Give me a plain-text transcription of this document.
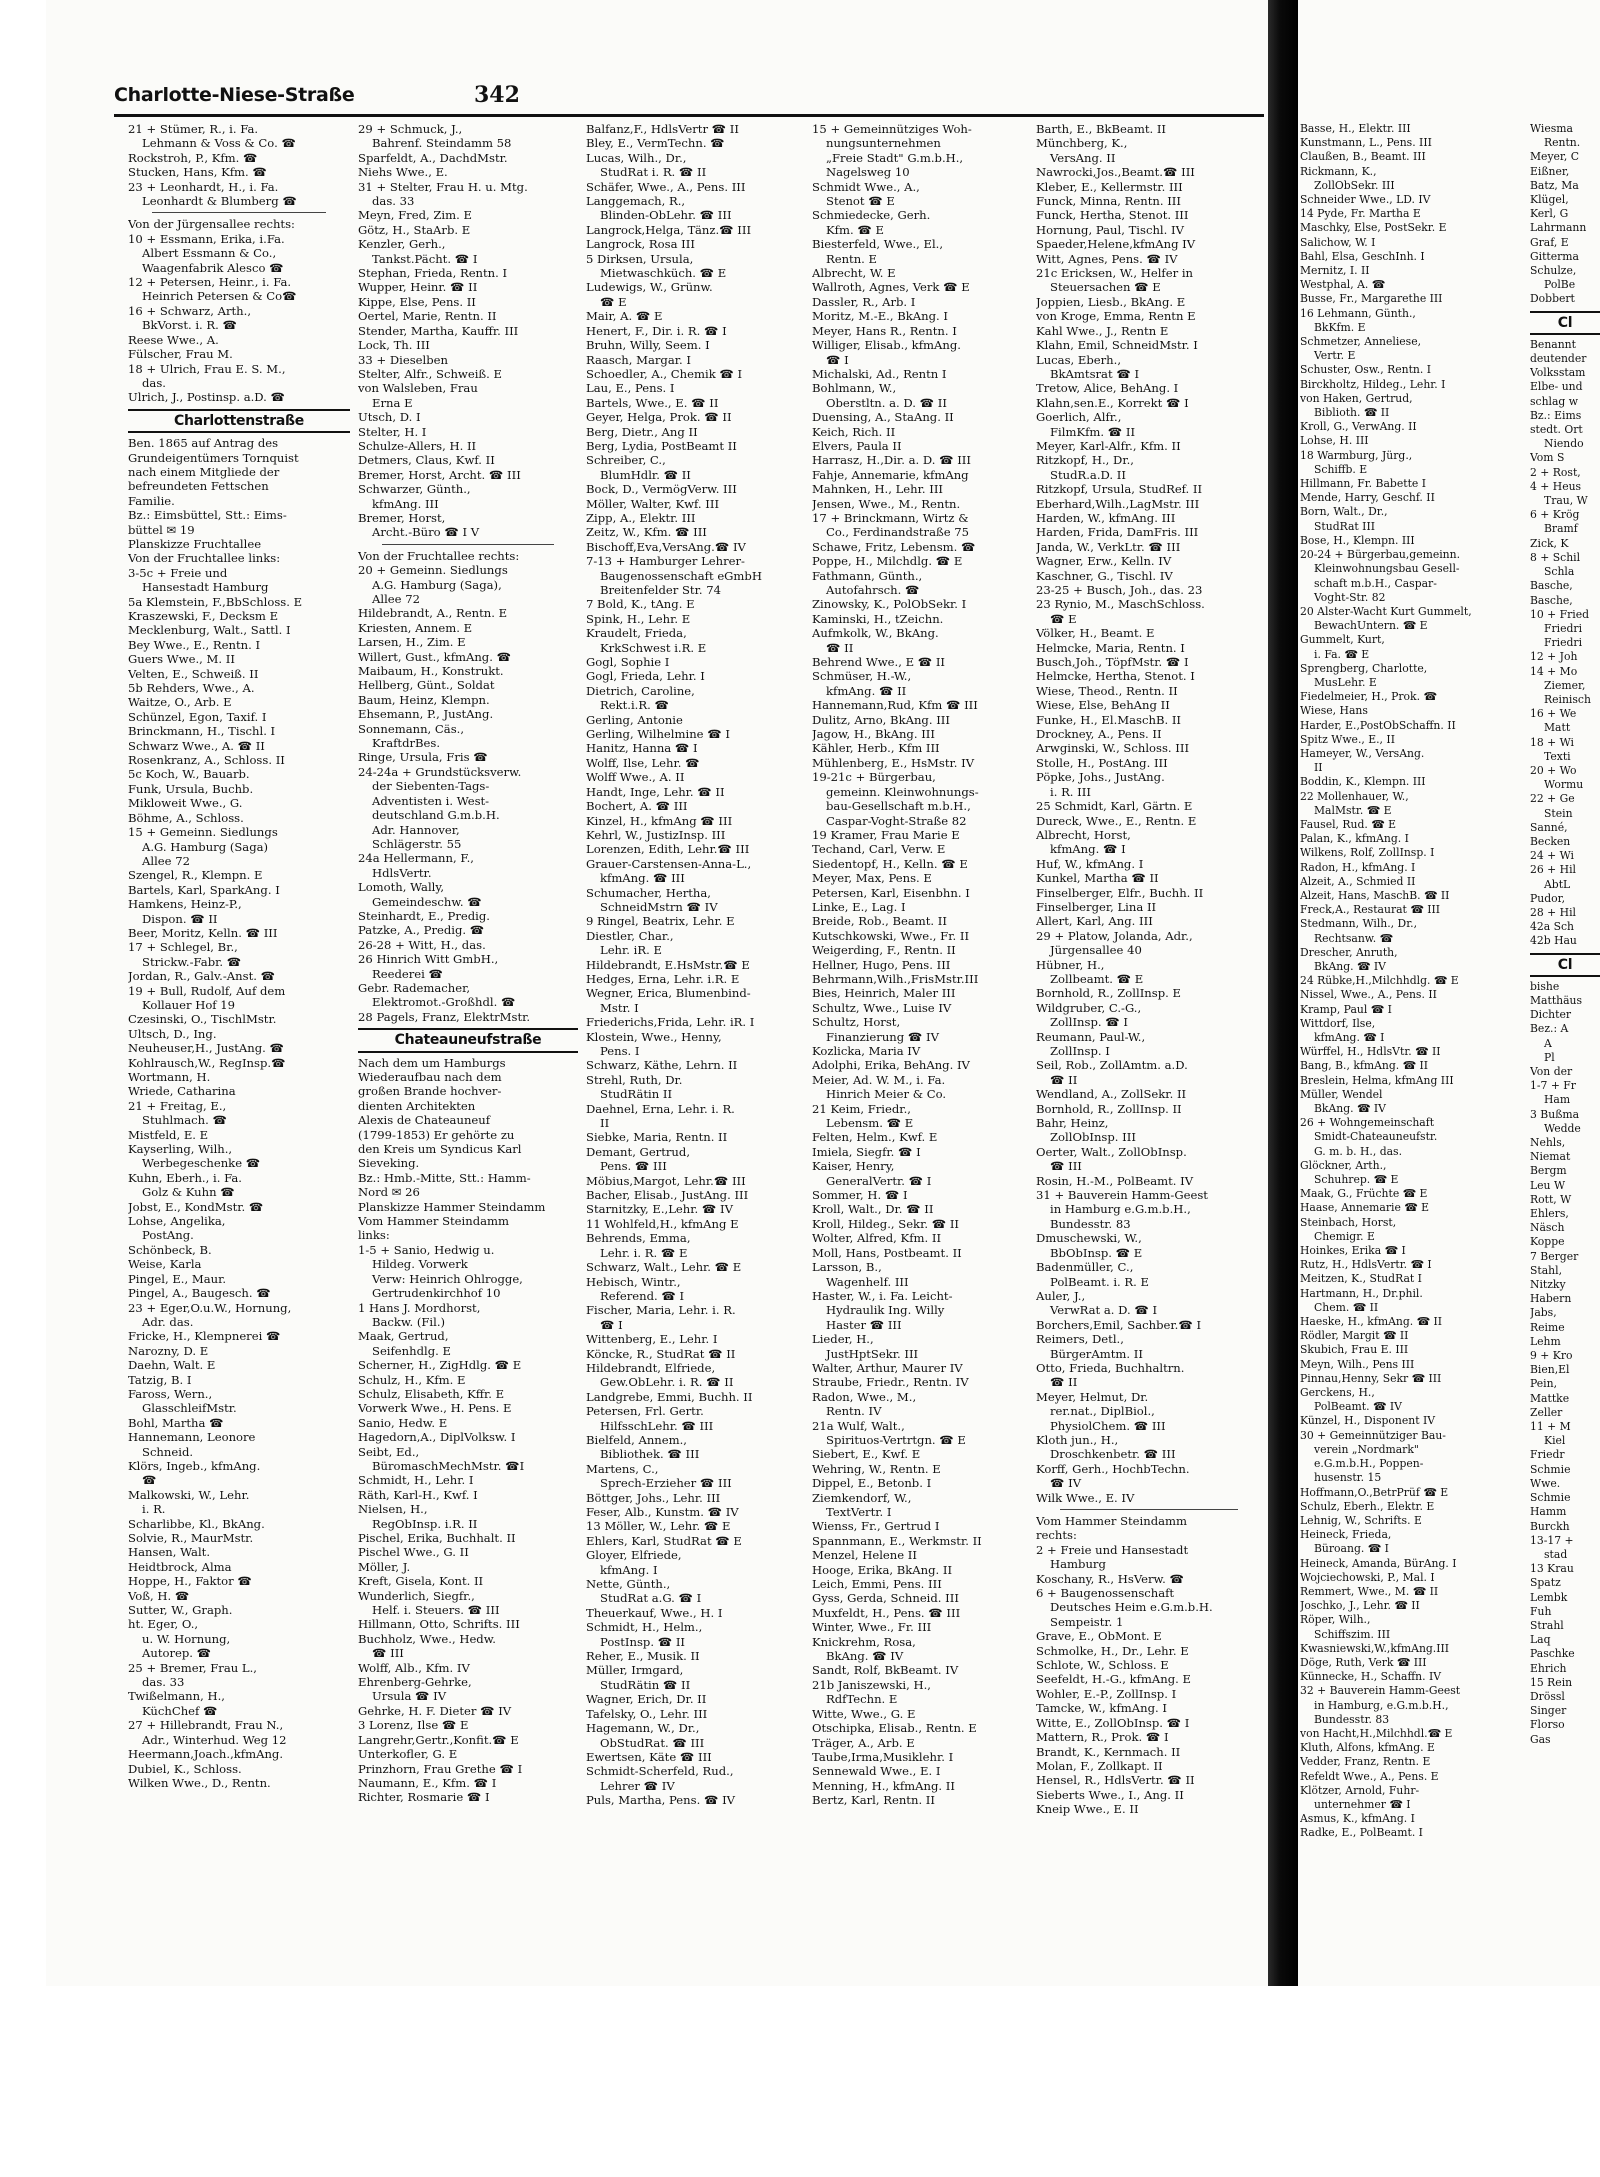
Charlotte-Niese-Straße	342
21 + Stümer, R., i. Fa.
Lehmann & Voss & Co. ☎
Rockstroh, P., Kfm. ☎
Stucken, Hans, Kfm. ☎
23 + Leonhardt, H., i. Fa.
Leonhardt & Blumberg ☎
Von der Jürgensallee rechts:
10 + Essmann, Erika, i.Fa.
Albert Essmann & Co.,
Waagenfabrik Alesco ☎
12 + Petersen, Heinr., i. Fa.
Heinrich Petersen & Co☎
16 + Schwarz, Arth.,
BkVorst. i. R. ☎
Reese Wwe., A.
Fülscher, Frau M.
18 + Ulrich, Frau E. S. M.,
das.
Ulrich, J., Postinsp. a.D. ☎
Charlottenstraße
Ben. 1865 auf Antrag des
Grundeigentümers Tornquist
nach einem Mitgliede der
befreundeten Fettschen
Familie.
Bz.: Eimsbüttel, Stt.: Eims-
büttel ✉ 19
Planskizze Fruchtallee
Von der Fruchtallee links:
3-5c + Freie und
Hansestadt Hamburg
5a Klemstein, F.,BbSchloss. E
Kraszewski, F., Decksm E
Mecklenburg, Walt., Sattl. I
Bey Wwe., E., Rentn. I
Guers Wwe., M. II
Velten, E., Schweiß. II
5b Rehders, Wwe., A.
Waitze, O., Arb. E
Schünzel, Egon, Taxif. I
Brinckmann, H., Tischl. I
Schwarz Wwe., A. ☎ II
Rosenkranz, A., Schloss. II
5c Koch, W., Bauarb.
Funk, Ursula, Buchb.
Mikloweit Wwe., G.
Böhme, A., Schloss.
15 + Gemeinn. Siedlungs
A.G. Hamburg (Saga)
Allee 72
Szengel, R., Klempn. E
Bartels, Karl, SparkAng. I
Hamkens, Heinz-P.,
Dispon. ☎ II
Beer, Moritz, Kelln. ☎ III
17 + Schlegel, Br.,
Strickw.-Fabr. ☎
Jordan, R., Galv.-Anst. ☎
19 + Bull, Rudolf, Auf dem
Kollauer Hof 19
Czesinski, O., TischlMstr.
Ultsch, D., Ing.
Neuheuser,H., JustAng. ☎
Kohlrausch,W., RegInsp.☎
Wortmann, H.
Wriede, Catharina
21 + Freitag, E.,
Stuhlmach. ☎
Mistfeld, E. E
Kayserling, Wilh.,
Werbegeschenke ☎
Kuhn, Eberh., i. Fa.
Golz & Kuhn ☎
Jobst, E., KondMstr. ☎
Lohse, Angelika,
PostAng.
Schönbeck, B.
Weise, Karla
Pingel, E., Maur.
Pingel, A., Baugesch. ☎
23 + Eger,O.u.W., Hornung,
Adr. das.
Fricke, H., Klempnerei ☎
Narozny, D. E
Daehn, Walt. E
Tatzig, B. I
Faross, Wern.,
GlasschleifMstr.
Bohl, Martha ☎
Hannemann, Leonore
Schneid.
Klörs, Ingeb., kfmAng.
☎
Malkowski, W., Lehr.
i. R.
Scharlibbe, Kl., BkAng.
Solvie, R., MaurMstr.
Hansen, Walt.
Heidtbrock, Alma
Hoppe, H., Faktor ☎
Voß, H. ☎
Sutter, W., Graph.
ht. Eger, O.,
u. W. Hornung,
Autorep. ☎
25 + Bremer, Frau L.,
das. 33
Twißelmann, H.,
KüchChef ☎
27 + Hillebrandt, Frau N.,
Adr., Winterhud. Weg 12
Heermann,Joach.,kfmAng.
Dubiel, K., Schloss.
Wilken Wwe., D., Rentn.
29 + Schmuck, J.,
Bahrenf. Steindamm 58
Sparfeldt, A., DachdMstr.
Niehs Wwe., E.
31 + Stelter, Frau H. u. Mtg.
das. 33
Meyn, Fred, Zim. E
Götz, H., StaArb. E
Kenzler, Gerh.,
Tankst.Pächt. ☎ I
Stephan, Frieda, Rentn. I
Wupper, Heinr. ☎ II
Kippe, Else, Pens. II
Oertel, Marie, Rentn. II
Stender, Martha, Kauffr. III
Lock, Th. III
33 + Dieselben
Stelter, Alfr., Schweiß. E
von Walsleben, Frau
Erna E
Utsch, D. I
Stelter, H. I
Schulze-Allers, H. II
Detmers, Claus, Kwf. II
Bremer, Horst, Archt. ☎ III
Schwarzer, Günth.,
kfmAng. III
Bremer, Horst,
Archt.-Büro ☎ I V
Von der Fruchtallee rechts:
20 + Gemeinn. Siedlungs
A.G. Hamburg (Saga),
Allee 72
Hildebrandt, A., Rentn. E
Kriesten, Annem. E
Larsen, H., Zim. E
Willert, Gust., kfmAng. ☎
Maibaum, H., Konstrukt.
Hellberg, Günt., Soldat
Baum, Heinz, Klempn.
Ehsemann, P., JustAng.
Sonnemann, Cäs.,
KraftdrBes.
Ringe, Ursula, Fris ☎
24-24a + Grundstücksverw.
der Siebenten-Tags-
Adventisten i. West-
deutschland G.m.b.H.
Adr. Hannover,
Schlägerstr. 55
24a Hellermann, F.,
HdlsVertr.
Lomoth, Wally,
Gemeindeschw. ☎
Steinhardt, E., Predig.
Patzke, A., Predig. ☎
26-28 + Witt, H., das.
26 Hinrich Witt GmbH.,
Reederei ☎
Gebr. Rademacher,
Elektromot.-Großhdl. ☎
28 Pagels, Franz, ElektrMstr.
Chateauneufstraße
Nach dem um Hamburgs
Wiederaufbau nach dem
großen Brande hochver-
dienten Architekten
Alexis de Chateauneuf
(1799-1853) Er gehörte zu
den Kreis um Syndicus Karl
Sieveking.
Bz.: Hmb.-Mitte, Stt.: Hamm-
Nord ✉ 26
Planskizze Hammer Steindamm
Vom Hammer Steindamm
links:
1-5 + Sanio, Hedwig u.
Hildeg. Vorwerk
Verw: Heinrich Ohlrogge,
Gertrudenkirchhof 10
1 Hans J. Mordhorst,
Backw. (Fil.)
Maak, Gertrud,
Seifenhdlg. E
Scherner, H., ZigHdlg. ☎ E
Schulz, H., Kfm. E
Schulz, Elisabeth, Kffr. E
Vorwerk Wwe., H. Pens. E
Sanio, Hedw. E
Hagedorn,A., DiplVolksw. I
Seibt, Ed.,
BüromaschMechMstr. ☎I
Schmidt, H., Lehr. I
Räth, Karl-H., Kwf. I
Nielsen, H.,
RegObInsp. i.R. II
Pischel, Erika, Buchhalt. II
Pischel Wwe., G. II
Möller, J.
Kreft, Gisela, Kont. II
Wunderlich, Siegfr.,
Helf. i. Steuers. ☎ III
Hillmann, Otto, Schrifts. III
Buchholz, Wwe., Hedw.
☎ III
Wolff, Alb., Kfm. IV
Ehrenberg-Gehrke,
Ursula ☎ IV
Gehrke, H. F. Dieter ☎ IV
3 Lorenz, Ilse ☎ E
Langrehr,Gertr.,Konfit.☎ E
Unterkofler, G. E
Prinzhorn, Frau Grethe ☎ I
Naumann, E., Kfm. ☎ I
Richter, Rosmarie ☎ I
Balfanz,F., HdlsVertr ☎ II
Bley, E., VermTechn. ☎
Lucas, Wilh., Dr.,
StudRat i. R. ☎ II
Schäfer, Wwe., A., Pens. III
Langgemach, R.,
Blinden-ObLehr. ☎ III
Langrock,Helga, Tänz.☎ III
Langrock, Rosa III
5 Dirksen, Ursula,
Mietwaschküch. ☎ E
Ludewigs, W., Grünw.
☎ E
Mair, A. ☎ E
Henert, F., Dir. i. R. ☎ I
Bruhn, Willy, Seem. I
Raasch, Margar. I
Schoedler, A., Chemik ☎ I
Lau, E., Pens. I
Bartels, Wwe., E. ☎ II
Geyer, Helga, Prok. ☎ II
Berg, Dietr., Ang II
Berg, Lydia, PostBeamt II
Schreiber, C.,
BlumHdlr. ☎ II
Bock, D., VermögVerw. III
Möller, Walter, Kwf. III
Zipp, A., Elektr. III
Zeitz, W., Kfm. ☎ III
Bischoff,Eva,VersAng.☎ IV
7-13 + Hamburger Lehrer-
Baugenossenschaft eGmbH
Breitenfelder Str. 74
7 Bold, K., tAng. E
Spink, H., Lehr. E
Kraudelt, Frieda,
KrkSchwest i.R. E
Gogl, Sophie I
Gogl, Frieda, Lehr. I
Dietrich, Caroline,
Rekt.i.R. ☎
Gerling, Antonie
Gerling, Wilhelmine ☎ I
Hanitz, Hanna ☎ I
Wolff, Ilse, Lehr. ☎
Wolff Wwe., A. II
Handt, Inge, Lehr. ☎ II
Bochert, A. ☎ III
Kinzel, H., kfmAng ☎ III
Kehrl, W., JustizInsp. III
Lorenzen, Edith, Lehr.☎ III
Grauer-Carstensen-Anna-L.,
kfmAng. ☎ III
Schumacher, Hertha,
SchneidMstrn ☎ IV
9 Ringel, Beatrix, Lehr. E
Diestler, Char.,
Lehr. iR. E
Hildebrandt, E.HsMstr.☎ E
Hedges, Erna, Lehr. i.R. E
Wegner, Erica, Blumenbind-
Mstr. I
Friederichs,Frida, Lehr. iR. I
Klostein, Wwe., Henny,
Pens. I
Schwarz, Käthe, Lehrn. II
Strehl, Ruth, Dr.
StudRätin II
Daehnel, Erna, Lehr. i. R.
II
Siebke, Maria, Rentn. II
Demant, Gertrud,
Pens. ☎ III
Möbius,Margot, Lehr.☎ III
Bacher, Elisab., JustAng. III
Starnitzky, E.,Lehr. ☎ IV
11 Wohlfeld,H., kfmAng E
Behrends, Emma,
Lehr. i. R. ☎ E
Schwarz, Walt., Lehr. ☎ E
Hebisch, Wintr.,
Referend. ☎ I
Fischer, Maria, Lehr. i. R.
☎ I
Wittenberg, E., Lehr. I
Köncke, R., StudRat ☎ II
Hildebrandt, Elfriede,
Gew.ObLehr. i. R. ☎ II
Landgrebe, Emmi, Buchh. II
Petersen, Frl. Gertr.
HilfsschLehr. ☎ III
Bielfeld, Annem.,
Bibliothek. ☎ III
Martens, C.,
Sprech-Erzieher ☎ III
Böttger, Johs., Lehr. III
Feser, Alb., Kunstm. ☎ IV
13 Möller, W., Lehr. ☎ E
Ehlers, Karl, StudRat ☎ E
Gloyer, Elfriede,
kfmAng. I
Nette, Günth.,
StudRat a.G. ☎ I
Theuerkauf, Wwe., H. I
Schmidt, H., Helm.,
PostInsp. ☎ II
Reher, E., Musik. II
Müller, Irmgard,
StudRätin ☎ II
Wagner, Erich, Dr. II
Tafelsky, O., Lehr. III
Hagemann, W., Dr.,
ObStudRat. ☎ III
Ewertsen, Käte ☎ III
Schmidt-Scherfeld, Rud.,
Lehrer ☎ IV
Puls, Martha, Pens. ☎ IV
15 + Gemeinnütziges Woh-
nungsunternehmen
„Freie Stadt" G.m.b.H.,
Nagelsweg 10
Schmidt Wwe., A.,
Stenot ☎ E
Schmiedecke, Gerh.
Kfm. ☎ E
Biesterfeld, Wwe., El.,
Rentn. E
Albrecht, W. E
Wallroth, Agnes, Verk ☎ E
Dassler, R., Arb. I
Moritz, M.-E., BkAng. I
Meyer, Hans R., Rentn. I
Williger, Elisab., kfmAng.
☎ I
Michalski, Ad., Rentn I
Bohlmann, W.,
Oberstltn. a. D. ☎ II
Duensing, A., StaAng. II
Keich, Rich. II
Elvers, Paula II
Harrasz, H.,Dir. a. D. ☎ III
Fahje, Annemarie, kfmAng
Mahnken, H., Lehr. III
Jensen, Wwe., M., Rentn.
17 + Brinckmann, Wirtz &
Co., Ferdinandstraße 75
Schawe, Fritz, Lebensm. ☎
Poppe, H., Milchdlg. ☎ E
Fathmann, Günth.,
Autofahrsch. ☎
Zinowsky, K., PolObSekr. I
Kaminski, H., tZeichn.
Aufmkolk, W., BkAng.
☎ II
Behrend Wwe., E ☎ II
Schmüser, H.-W.,
kfmAng. ☎ II
Hannemann,Rud, Kfm ☎ III
Dulitz, Arno, BkAng. III
Jagow, H., BkAng. III
Kähler, Herb., Kfm III
Mühlenberg, E., HsMstr. IV
19-21c + Bürgerbau,
gemeinn. Kleinwohnungs-
bau-Gesellschaft m.b.H.,
Caspar-Voght-Straße 82
19 Kramer, Frau Marie E
Techand, Carl, Verw. E
Siedentopf, H., Kelln. ☎ E
Meyer, Max, Pens. E
Petersen, Karl, Eisenbhn. I
Linke, E., Lag. I
Breide, Rob., Beamt. II
Kutschkowski, Wwe., Fr. II
Weigerding, F., Rentn. II
Hellner, Hugo, Pens. III
Behrmann,Wilh.,FrisMstr.III
Bies, Heinrich, Maler III
Schultz, Wwe., Luise IV
Schultz, Horst,
Finanzierung ☎ IV
Kozlicka, Maria IV
Adolphi, Erika, BehAng. IV
Meier, Ad. W. M., i. Fa.
Hinrich Meier & Co.
21 Keim, Friedr.,
Lebensm. ☎ E
Felten, Helm., Kwf. E
Imiela, Siegfr. ☎ I
Kaiser, Henry,
GeneralVertr. ☎ I
Sommer, H. ☎ I
Kroll, Walt., Dr. ☎ II
Kroll, Hildeg., Sekr. ☎ II
Wolter, Alfred, Kfm. II
Moll, Hans, Postbeamt. II
Larsson, B.,
Wagenhelf. III
Haster, W., i. Fa. Leicht-
Hydraulik Ing. Willy
Haster ☎ III
Lieder, H.,
JustHptSekr. III
Walter, Arthur, Maurer IV
Straube, Friedr., Rentn. IV
Radon, Wwe., M.,
Rentn. IV
21a Wulf, Walt.,
Spirituos-Vertrtgn. ☎ E
Siebert, E., Kwf. E
Wehring, W., Rentn. E
Dippel, E., Betonb. I
Ziemkendorf, W.,
TextVertr. I
Wienss, Fr., Gertrud I
Spannmann, E., Werkmstr. II
Menzel, Helene II
Hooge, Erika, BkAng. II
Leich, Emmi, Pens. III
Gyss, Gerda, Schneid. III
Muxfeldt, H., Pens. ☎ III
Winter, Wwe., Fr. III
Knickrehm, Rosa,
BkAng. ☎ IV
Sandt, Rolf, BkBeamt. IV
21b Janiszewski, H.,
RdfTechn. E
Witte, Wwe., G. E
Otschipka, Elisab., Rentn. E
Träger, A., Arb. E
Taube,Irma,Musiklehr. I
Sennewald Wwe., E. I
Menning, H., kfmAng. II
Bertz, Karl, Rentn. II
Barth, E., BkBeamt. II
Münchberg, K.,
VersAng. II
Nawrocki,Jos.,Beamt.☎ III
Kleber, E., Kellermstr. III
Funck, Minna, Rentn. III
Funck, Hertha, Stenot. III
Hornung, Paul, Tischl. IV
Spaeder,Helene,kfmAng IV
Witt, Agnes, Pens. ☎ IV
21c Ericksen, W., Helfer in
Steuersachen ☎ E
Joppien, Liesb., BkAng. E
von Kroge, Emma, Rentn E
Kahl Wwe., J., Rentn E
Klahn, Emil, SchneidMstr. I
Lucas, Eberh.,
BkAmtsrat ☎ I
Tretow, Alice, BehAng. I
Klahn,sen.E., Korrekt ☎ I
Goerlich, Alfr.,
FilmKfm. ☎ II
Meyer, Karl-Alfr., Kfm. II
Ritzkopf, H., Dr.,
StudR.a.D. II
Ritzkopf, Ursula, StudRef. II
Eberhard,Wilh.,LagMstr. III
Harden, W., kfmAng. III
Harden, Frida, DamFris. III
Janda, W., VerkLtr. ☎ III
Wagner, Erw., Kelln. IV
Kaschner, G., Tischl. IV
23-25 + Busch, Joh., das. 23
23 Rynio, M., MaschSchloss.
☎ E
Völker, H., Beamt. E
Helmcke, Maria, Rentn. I
Busch,Joh., TöpfMstr. ☎ I
Helmcke, Hertha, Stenot. I
Wiese, Theod., Rentn. II
Wiese, Else, BehAng II
Funke, H., El.MaschB. II
Drockney, A., Pens. II
Arwginski, W., Schloss. III
Stolle, H., PostAng. III
Pöpke, Johs., JustAng.
i. R. III
25 Schmidt, Karl, Gärtn. E
Dureck, Wwe., E., Rentn. E
Albrecht, Horst,
kfmAng. ☎ I
Huf, W., kfmAng. I
Kunkel, Martha ☎ II
Finselberger, Elfr., Buchh. II
Finselberger, Lina II
Allert, Karl, Ang. III
29 + Platow, Jolanda, Adr.,
Jürgensallee 40
Hübner, H.,
Zollbeamt. ☎ E
Bornhold, R., ZollInsp. E
Wildgruber, C.-G.,
ZollInsp. ☎ I
Reumann, Paul-W.,
ZollInsp. I
Seil, Rob., ZollAmtm. a.D.
☎ II
Wendland, A., ZollSekr. II
Bornhold, R., ZollInsp. II
Bahr, Heinz,
ZollObInsp. III
Oerter, Walt., ZollObInsp.
☎ III
Rosin, H.-M., PolBeamt. IV
31 + Bauverein Hamm-Geest
in Hamburg e.G.m.b.H.,
Bundesstr. 83
Dmuschewski, W.,
BbObInsp. ☎ E
Badenmüller, C.,
PolBeamt. i. R. E
Auler, J.,
VerwRat a. D. ☎ I
Borchers,Emil, Sachber.☎ I
Reimers, Detl.,
BürgerAmtm. II
Otto, Frieda, Buchhaltrn.
☎ II
Meyer, Helmut, Dr.
rer.nat., DiplBiol.,
PhysiolChem. ☎ III
Kloth jun., H.,
Droschkenbetr. ☎ III
Korff, Gerh., HochbTechn.
☎ IV
Wilk Wwe., E. IV
Vom Hammer Steindamm
rechts:
2 + Freie und Hansestadt
Hamburg
Koschany, R., HsVerw. ☎
6 + Baugenossenschaft
Deutsches Heim e.G.m.b.H.
Sempeistr. 1
Grave, E., ObMont. E
Schmolke, H., Dr., Lehr. E
Schlote, W., Schloss. E
Seefeldt, H.-G., kfmAng. E
Wohler, E.-P., ZollInsp. I
Tamcke, W., kfmAng. I
Witte, E., ZollObInsp. ☎ I
Mattern, R., Prok. ☎ I
Brandt, K., Kernmach. II
Molan, F., Zollkapt. II
Hensel, R., HdlsVertr. ☎ II
Sieberts Wwe., I., Ang. II
Kneip Wwe., E. II
Basse, H., Elektr. III
Kunstmann, L., Pens. III
Claußen, B., Beamt. III
Rickmann, K.,
ZollObSekr. III
Schneider Wwe., LD. IV
14 Pyde, Fr. Martha E
Maschky, Else, PostSekr. E
Salichow, W. I
Bahl, Elsa, GeschInh. I
Mernitz, I. II
Westphal, A. ☎
Busse, Fr., Margarethe III
16 Lehmann, Günth.,
BkKfm. E
Schmetzer, Anneliese,
Vertr. E
Schuster, Osw., Rentn. I
Birckholtz, Hildeg., Lehr. I
von Haken, Gertrud,
Biblioth. ☎ II
Kroll, G., VerwAng. II
Lohse, H. III
18 Warmburg, Jürg.,
Schiffb. E
Hillmann, Fr. Babette I
Mende, Harry, Geschf. II
Born, Walt., Dr.,
StudRat III
Bose, H., Klempn. III
20-24 + Bürgerbau,gemeinn.
Kleinwohnungsbau Gesell-
schaft m.b.H., Caspar-
Voght-Str. 82
20 Alster-Wacht Kurt Gummelt,
BewachUntern. ☎ E
Gummelt, Kurt,
i. Fa. ☎ E
Sprengberg, Charlotte,
MusLehr. E
Fiedelmeier, H., Prok. ☎
Wiese, Hans
Harder, E.,PostObSchaffn. II
Spitz Wwe., E., II
Hameyer, W., VersAng.
II
Boddin, K., Klempn. III
22 Mollenhauer, W.,
MalMstr. ☎ E
Fausel, Rud. ☎ E
Palan, K., kfmAng. I
Wilkens, Rolf, ZollInsp. I
Radon, H., kfmAng. I
Alzeit, A., Schmied II
Alzeit, Hans, MaschB. ☎ II
Freck,A., Restaurat ☎ III
Stedmann, Wilh., Dr.,
Rechtsanw. ☎
Drescher, Anruth,
BkAng. ☎ IV
24 Rübke,H.,Milchhdlg. ☎ E
Nissel, Wwe., A., Pens. II
Kramp, Paul ☎ I
Wittdorf, Ilse,
kfmAng. ☎ I
Würffel, H., HdlsVtr. ☎ II
Bang, B., kfmAng. ☎ II
Breslein, Helma, kfmAng III
Müller, Wendel
BkAng. ☎ IV
26 + Wohngemeinschaft
Smidt-Chateauneufstr.
G. m. b. H., das.
Glöckner, Arth.,
Schuhrep. ☎ E
Maak, G., Früchte ☎ E
Haase, Annemarie ☎ E
Steinbach, Horst,
Chemigr. E
Hoinkes, Erika ☎ I
Rutz, H., HdlsVertr. ☎ I
Meitzen, K., StudRat I
Hartmann, H., Dr.phil.
Chem. ☎ II
Haeske, H., kfmAng. ☎ II
Rödler, Margit ☎ II
Skubich, Frau E. III
Meyn, Wilh., Pens III
Pinnau,Henny, Sekr ☎ III
Gerckens, H.,
PolBeamt. ☎ IV
Künzel, H., Disponent IV
30 + Gemeinnütziger Bau-
verein „Nordmark"
e.G.m.b.H., Poppen-
husenstr. 15
Hoffmann,O.,BetrPrüf ☎ E
Schulz, Eberh., Elektr. E
Lehnig, W., Schrifts. E
Heineck, Frieda,
Büroang. ☎ I
Heineck, Amanda, BürAng. I
Wojciechowski, P., Mal. I
Remmert, Wwe., M. ☎ II
Joschko, J., Lehr. ☎ II
Röper, Wilh.,
Schiffszim. III
Kwasniewski,W.,kfmAng.III
Döge, Ruth, Verk ☎ III
Künnecke, H., Schaffn. IV
32 + Bauverein Hamm-Geest
in Hamburg, e.G.m.b.H.,
Bundesstr. 83
von Hacht,H.,Milchhdl.☎ E
Kluth, Alfons, kfmAng. E
Vedder, Franz, Rentn. E
Refeldt Wwe., A., Pens. E
Klötzer, Arnold, Fuhr-
unternehmer ☎ I
Asmus, K., kfmAng. I
Radke, E., PolBeamt. I
Wiesma
Rentn.
Meyer, C
Eißner,
Batz, Ma
Klügel,
Kerl, G
Lahrmann
Graf, E
Gitterma
Schulze,
PolBe
Dobbert
Cl
Benannt
deutender
Volksstam
Elbe- und
schlag w
Bz.: Eims
stedt. Ort
Niendo
Vom S
2 + Rost,
4 + Heus
Trau, W
6 + Krög
Bramf
Zick, K
8 + Schil
Schla
Basche,
Basche,
10 + Fried
Friedri
Friedri
12 + Joh
14 + Mo
Ziemer,
Reinisch
16 + We
Matt
18 + Wi
Texti
20 + Wo
Wormu
22 + Ge
Stein
Sanné,
Becken
24 + Wi
26 + Hil
AbtL
Pudor,
28 + Hil
42a Sch
42b Hau
Cl
bishe
Matthäus
Dichter
Bez.: A
A
Pl
Von der
1-7 + Fr
Ham
3 Bußma
Wedde
Nehls,
Niemat
Bergm
Leu W
Rott, W
Ehlers,
Näsch
Koppe
7 Berger
Stahl,
Nitzky
Habern
Jabs,
Reime
Lehm
9 + Kro
Bien,El
Pein,
Mattke
Zeller
11 + M
Kiel
Friedr
Schmie
Wwe.
Schmie
Hamm
Burckh
13-17 +
stad
13 Krau
Spatz
Lembk
Fuh
Strahl
Laq
Paschke
Ehrich
15 Rein
Drössl
Singer
Florso
Gas
